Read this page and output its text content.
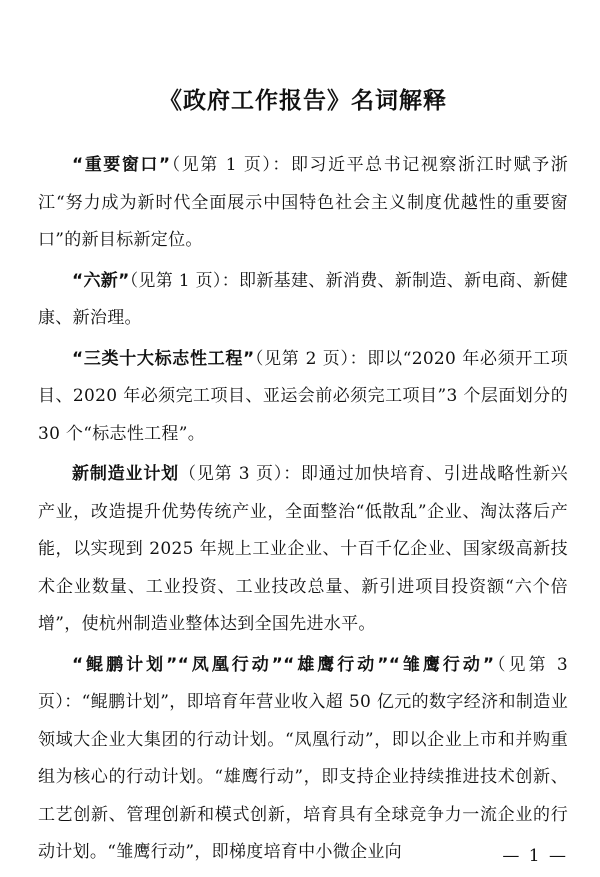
《政府工作报告》名词解释

“重要窗口”（见第 1 页）：即习近平总书记视察浙江时赋予浙江“努力成为新时代全面展示中国特色社会主义制度优越性的重要窗口”的新目标新定位。

“六新”（见第 1 页）：即新基建、新消费、新制造、新电商、新健康、新治理。

“三类十大标志性工程”（见第 2 页）：即以“2020 年必须开工项目、2020 年必须完工项目、亚运会前必须完工项目”3 个层面划分的 30 个“标志性工程”。

新制造业计划（见第 3 页）：即通过加快培育、引进战略性新兴产业，改造提升优势传统产业，全面整治“低散乱”企业、淘汰落后产能，以实现到 2025 年规上工业企业、十百千亿企业、国家级高新技术企业数量、工业投资、工业技改总量、新引进项目投资额“六个倍增”，使杭州制造业整体达到全国先进水平。

“鲲鹏计划”“凤凰行动”“雄鹰行动”“雏鹰行动”（见第 3 页）：“鲲鹏计划”，即培育年营业收入超 50 亿元的数字经济和制造业领域大企业大集团的行动计划。“凤凰行动”，即以企业上市和并购重组为核心的行动计划。“雄鹰行动”，即支持企业持续推进技术创新、工艺创新、管理创新和模式创新，培育具有全球竞争力一流企业的行动计划。“雏鹰行动”，即梯度培育中小微企业向	— 1 —
